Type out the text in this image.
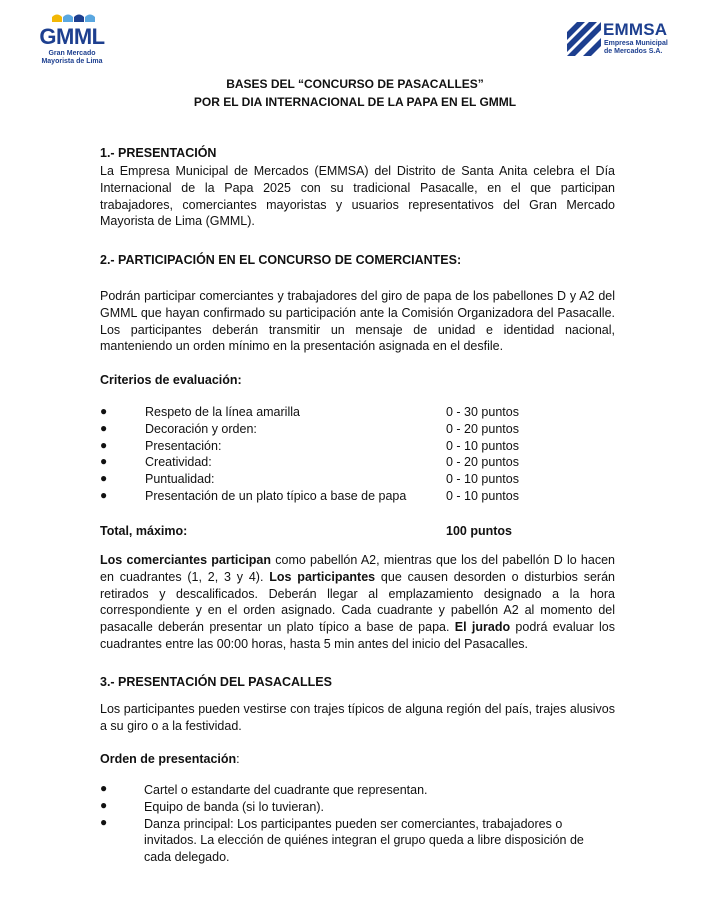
GMML
Gran Mercado
Mayorista de Lima
EMMSA
Empresa Municipal
de Mercados S.A.
BASES DEL “CONCURSO DE PASACALLES”
POR EL DIA INTERNACIONAL DE LA PAPA EN EL GMML
1.- PRESENTACIÓN
La Empresa Municipal de Mercados (EMMSA) del Distrito de Santa Anita celebra el Día Internacional de la Papa 2025 con su tradicional Pasacalle, en el que participan trabajadores, comerciantes mayoristas y usuarios representativos del Gran Mercado Mayorista de Lima (GMML).
2.- PARTICIPACIÓN EN EL CONCURSO DE COMERCIANTES:
Podrán participar comerciantes y trabajadores del giro de papa de los pabellones D y A2 del GMML que hayan confirmado su participación ante la Comisión Organizadora del Pasacalle. Los participantes deberán transmitir un mensaje de unidad e identidad nacional, manteniendo un orden mínimo en la presentación asignada en el desfile.
Criterios de evaluación:
●	Respeto de la línea amarilla	0 - 30 puntos
●	Decoración y orden:	0 - 20 puntos
●	Presentación:	0 - 10 puntos
●	Creatividad:	0 - 20 puntos
●	Puntualidad:	0 - 10 puntos
●	Presentación de un plato típico a base de papa	0 - 10 puntos
Total, máximo:	100 puntos
Los comerciantes participan como pabellón A2, mientras que los del pabellón D lo hacen en cuadrantes (1, 2, 3 y 4). Los participantes que causen desorden o disturbios serán retirados y descalificados. Deberán llegar al emplazamiento designado a la hora correspondiente y en el orden asignado. Cada cuadrante y pabellón A2 al momento del pasacalle deberán presentar un plato típico a base de papa. El jurado podrá evaluar los cuadrantes entre las 00:00 horas, hasta 5 min antes del inicio del Pasacalles.
3.- PRESENTACIÓN DEL PASACALLES
Los participantes pueden vestirse con trajes típicos de alguna región del país, trajes alusivos a su giro o a la festividad.
Orden de presentación:
●	Cartel o estandarte del cuadrante que representan.
●	Equipo de banda (si lo tuvieran).
●	Danza principal: Los participantes pueden ser comerciantes, trabajadores o invitados. La elección de quiénes integran el grupo queda a libre disposición de cada delegado.
